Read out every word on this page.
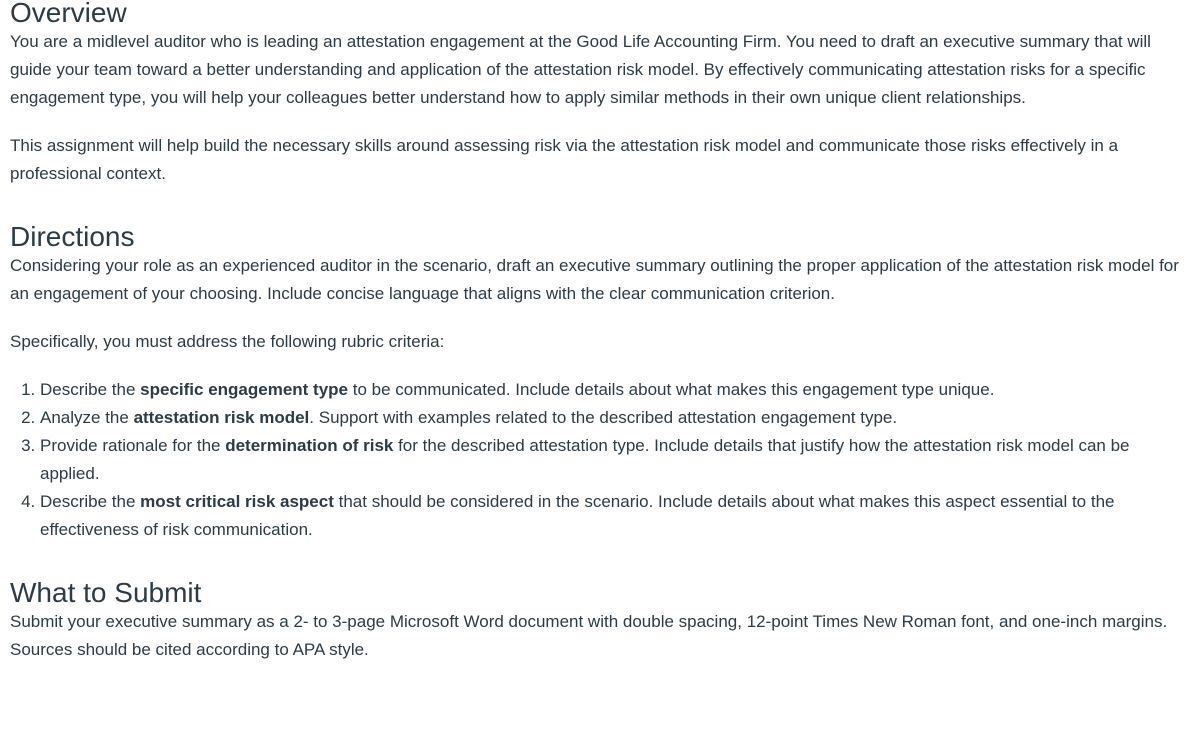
Overview

You are a midlevel auditor who is leading an attestation engagement at the Good Life Accounting Firm. You need to draft an executive summary that will guide your team toward a better understanding and application of the attestation risk model. By effectively communicating attestation risks for a specific engagement type, you will help your colleagues better understand how to apply similar methods in their own unique client relationships.

This assignment will help build the necessary skills around assessing risk via the attestation risk model and communicate those risks effectively in a professional context.

Directions

Considering your role as an experienced auditor in the scenario, draft an executive summary outlining the proper application of the attestation risk model for an engagement of your choosing. Include concise language that aligns with the clear communication criterion.

Specifically, you must address the following rubric criteria:

1. Describe the specific engagement type to be communicated. Include details about what makes this engagement type unique.
2. Analyze the attestation risk model. Support with examples related to the described attestation engagement type.
3. Provide rationale for the determination of risk for the described attestation type. Include details that justify how the attestation risk model can be applied.
4. Describe the most critical risk aspect that should be considered in the scenario. Include details about what makes this aspect essential to the effectiveness of risk communication.
What to Submit

Submit your executive summary as a 2- to 3-page Microsoft Word document with double spacing, 12-point Times New Roman font, and one-inch margins. Sources should be cited according to APA style.
